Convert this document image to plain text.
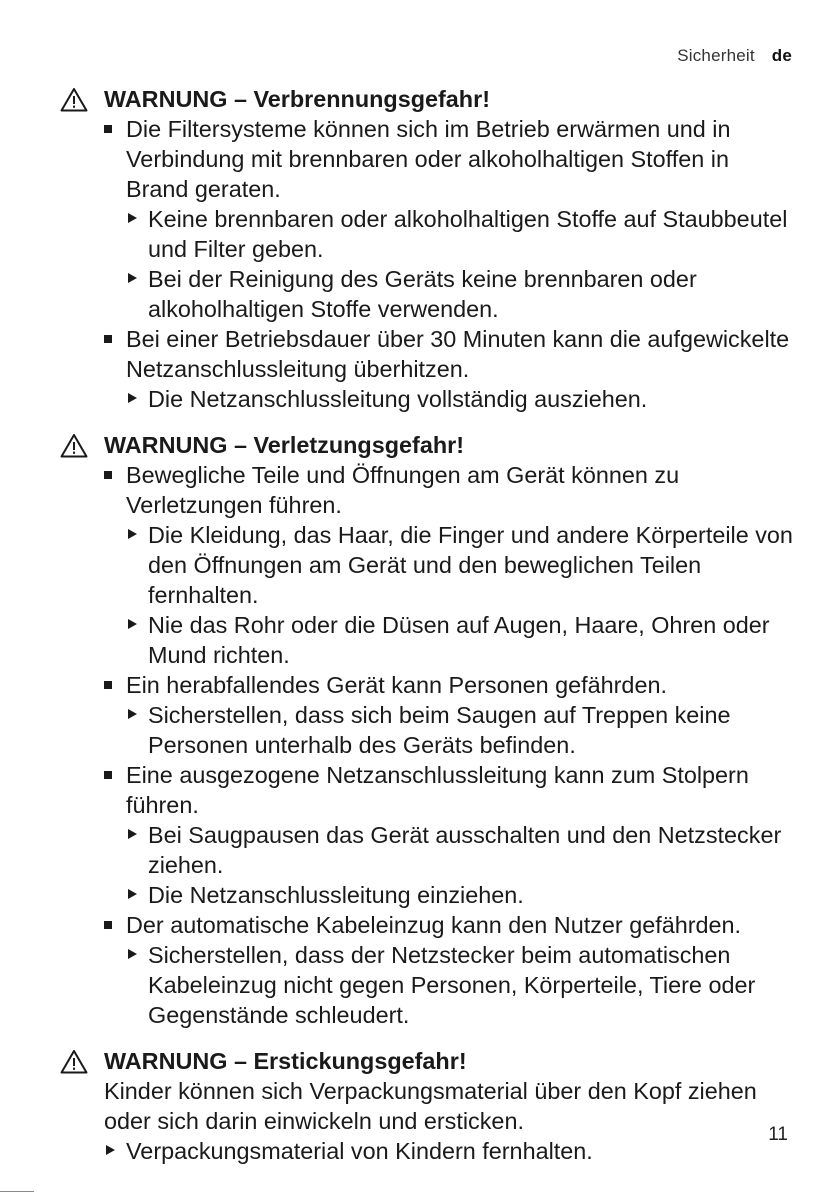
Sicherheit de
WARNUNG – Verbrennungsgefahr!
Die Filtersysteme können sich im Betrieb erwärmen und in Verbindung mit brennbaren oder alkoholhaltigen Stoffen in Brand geraten.
Keine brennbaren oder alkoholhaltigen Stoffe auf Staubbeutel und Filter geben.
Bei der Reinigung des Geräts keine brennbaren oder alkoholhaltigen Stoffe verwenden.
Bei einer Betriebsdauer über 30 Minuten kann die aufgewickelte Netzanschlussleitung überhitzen.
Die Netzanschlussleitung vollständig ausziehen.
WARNUNG – Verletzungsgefahr!
Bewegliche Teile und Öffnungen am Gerät können zu Verletzungen führen.
Die Kleidung, das Haar, die Finger und andere Körperteile von den Öffnungen am Gerät und den beweglichen Teilen fernhalten.
Nie das Rohr oder die Düsen auf Augen, Haare, Ohren oder Mund richten.
Ein herabfallendes Gerät kann Personen gefährden.
Sicherstellen, dass sich beim Saugen auf Treppen keine Personen unterhalb des Geräts befinden.
Eine ausgezogene Netzanschlussleitung kann zum Stolpern führen.
Bei Saugpausen das Gerät ausschalten und den Netzstecker ziehen.
Die Netzanschlussleitung einziehen.
Der automatische Kabeleinzug kann den Nutzer gefährden.
Sicherstellen, dass der Netzstecker beim automatischen Kabeleinzug nicht gegen Personen, Körperteile, Tiere oder Gegenstände schleudert.
WARNUNG – Erstickungsgefahr!
Kinder können sich Verpackungsmaterial über den Kopf ziehen oder sich darin einwickeln und ersticken.
Verpackungsmaterial von Kindern fernhalten.
11
